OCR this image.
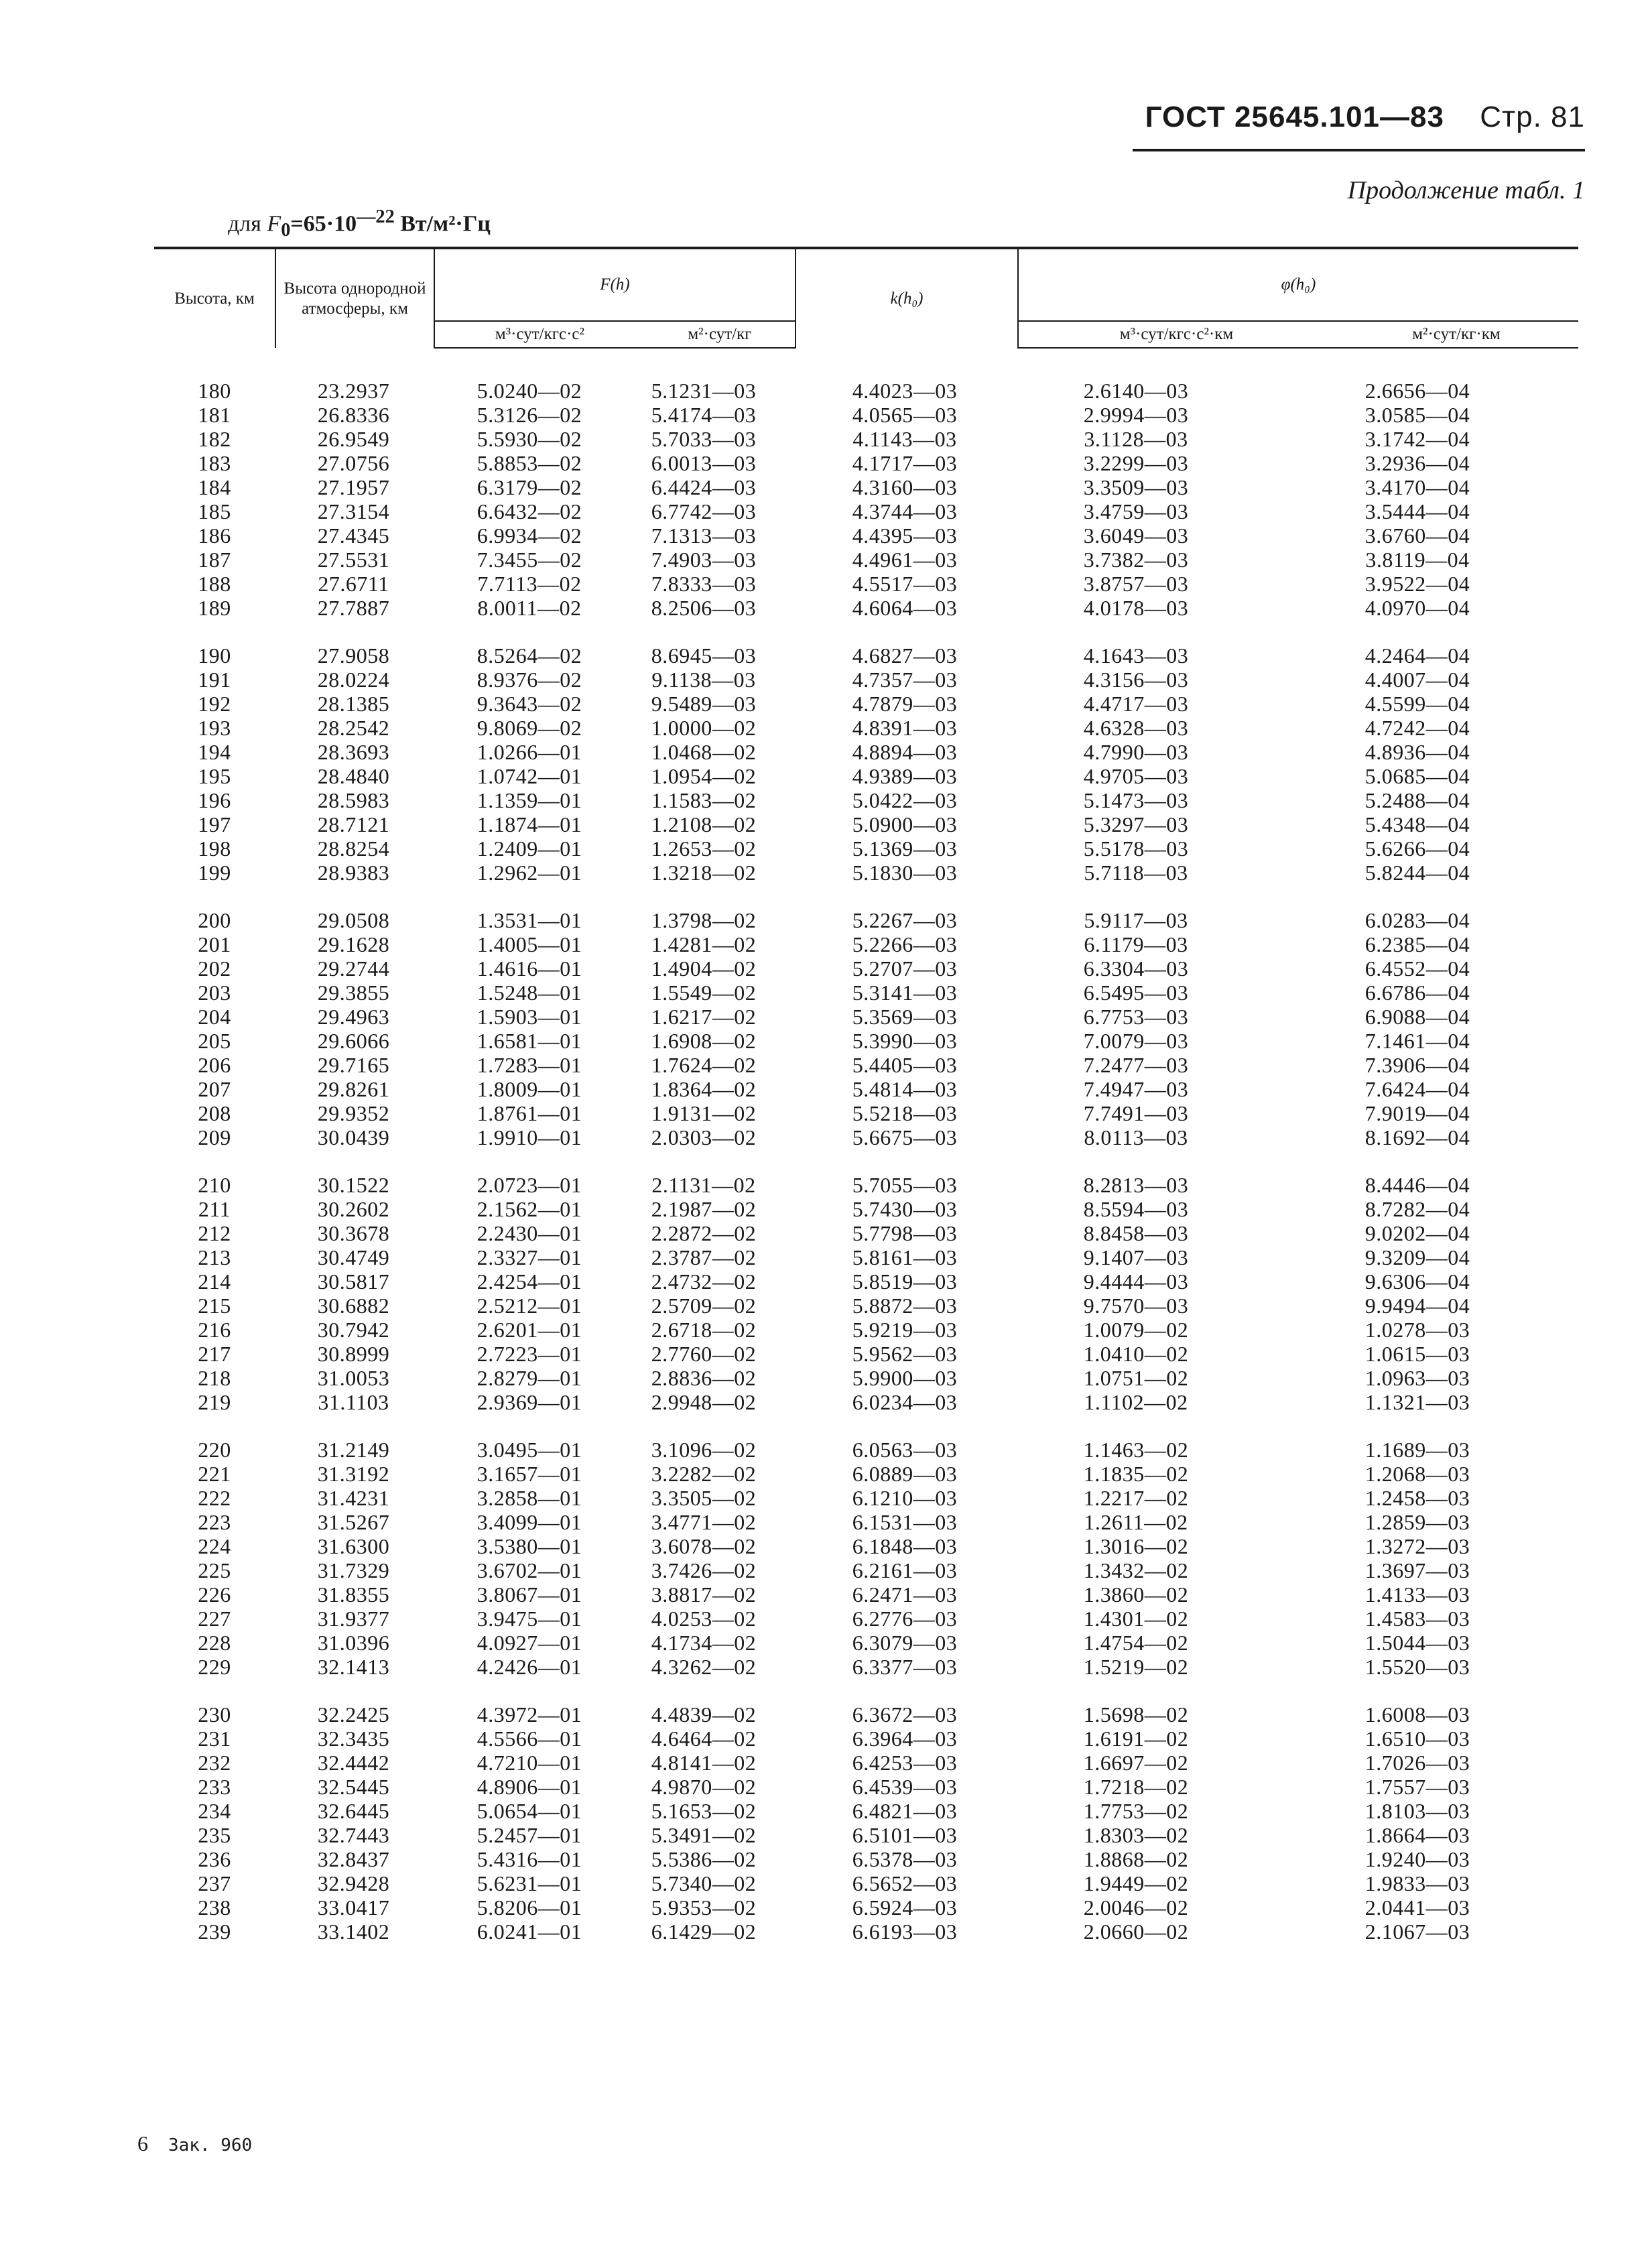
ГОСТ 25645.101—83 Стр. 81
Продолжение табл. 1
для $F_0=65\cdot 10^{—22}$ Вт/м²·Гц
Высота, км	Высота однородной атмосферы, км	F(h)		k(h₀)	φ(h₀)	
		м³·сут/кгс·с²	м²·сут/кг		м³·сут/кгс·с²·км	м²·сут/кг·км
180	23.2937	5.0240—02	5.1231—03	4.4023—03	2.6140—03	2.6656—04
181	26.8336	5.3126—02	5.4174—03	4.0565—03	2.9994—03	3.0585—04
182	26.9549	5.5930—02	5.7033—03	4.1143—03	3.1128—03	3.1742—04
183	27.0756	5.8853—02	6.0013—03	4.1717—03	3.2299—03	3.2936—04
184	27.1957	6.3179—02	6.4424—03	4.3160—03	3.3509—03	3.4170—04
185	27.3154	6.6432—02	6.7742—03	4.3744—03	3.4759—03	3.5444—04
186	27.4345	6.9934—02	7.1313—03	4.4395—03	3.6049—03	3.6760—04
187	27.5531	7.3455—02	7.4903—03	4.4961—03	3.7382—03	3.8119—04
188	27.6711	7.7113—02	7.8333—03	4.5517—03	3.8757—03	3.9522—04
189	27.7887	8.0011—02	8.2506—03	4.6064—03	4.0178—03	4.0970—04
190	27.9058	8.5264—02	8.6945—03	4.6827—03	4.1643—03	4.2464—04
191	28.0224	8.9376—02	9.1138—03	4.7357—03	4.3156—03	4.4007—04
192	28.1385	9.3643—02	9.5489—03	4.7879—03	4.4717—03	4.5599—04
193	28.2542	9.8069—02	1.0000—02	4.8391—03	4.6328—03	4.7242—04
194	28.3693	1.0266—01	1.0468—02	4.8894—03	4.7990—03	4.8936—04
195	28.4840	1.0742—01	1.0954—02	4.9389—03	4.9705—03	5.0685—04
196	28.5983	1.1359—01	1.1583—02	5.0422—03	5.1473—03	5.2488—04
197	28.7121	1.1874—01	1.2108—02	5.0900—03	5.3297—03	5.4348—04
198	28.8254	1.2409—01	1.2653—02	5.1369—03	5.5178—03	5.6266—04
199	28.9383	1.2962—01	1.3218—02	5.1830—03	5.7118—03	5.8244—04
200	29.0508	1.3531—01	1.3798—02	5.2267—03	5.9117—03	6.0283—04
201	29.1628	1.4005—01	1.4281—02	5.2266—03	6.1179—03	6.2385—04
202	29.2744	1.4616—01	1.4904—02	5.2707—03	6.3304—03	6.4552—04
203	29.3855	1.5248—01	1.5549—02	5.3141—03	6.5495—03	6.6786—04
204	29.4963	1.5903—01	1.6217—02	5.3569—03	6.7753—03	6.9088—04
205	29.6066	1.6581—01	1.6908—02	5.3990—03	7.0079—03	7.1461—04
206	29.7165	1.7283—01	1.7624—02	5.4405—03	7.2477—03	7.3906—04
207	29.8261	1.8009—01	1.8364—02	5.4814—03	7.4947—03	7.6424—04
208	29.9352	1.8761—01	1.9131—02	5.5218—03	7.7491—03	7.9019—04
209	30.0439	1.9910—01	2.0303—02	5.6675—03	8.0113—03	8.1692—04
210	30.1522	2.0723—01	2.1131—02	5.7055—03	8.2813—03	8.4446—04
211	30.2602	2.1562—01	2.1987—02	5.7430—03	8.5594—03	8.7282—04
212	30.3678	2.2430—01	2.2872—02	5.7798—03	8.8458—03	9.0202—04
213	30.4749	2.3327—01	2.3787—02	5.8161—03	9.1407—03	9.3209—04
214	30.5817	2.4254—01	2.4732—02	5.8519—03	9.4444—03	9.6306—04
215	30.6882	2.5212—01	2.5709—02	5.8872—03	9.7570—03	9.9494—04
216	30.7942	2.6201—01	2.6718—02	5.9219—03	1.0079—02	1.0278—03
217	30.8999	2.7223—01	2.7760—02	5.9562—03	1.0410—02	1.0615—03
218	31.0053	2.8279—01	2.8836—02	5.9900—03	1.0751—02	1.0963—03
219	31.1103	2.9369—01	2.9948—02	6.0234—03	1.1102—02	1.1321—03
220	31.2149	3.0495—01	3.1096—02	6.0563—03	1.1463—02	1.1689—03
221	31.3192	3.1657—01	3.2282—02	6.0889—03	1.1835—02	1.2068—03
222	31.4231	3.2858—01	3.3505—02	6.1210—03	1.2217—02	1.2458—03
223	31.5267	3.4099—01	3.4771—02	6.1531—03	1.2611—02	1.2859—03
224	31.6300	3.5380—01	3.6078—02	6.1848—03	1.3016—02	1.3272—03
225	31.7329	3.6702—01	3.7426—02	6.2161—03	1.3432—02	1.3697—03
226	31.8355	3.8067—01	3.8817—02	6.2471—03	1.3860—02	1.4133—03
227	31.9377	3.9475—01	4.0253—02	6.2776—03	1.4301—02	1.4583—03
228	31.0396	4.0927—01	4.1734—02	6.3079—03	1.4754—02	1.5044—03
229	32.1413	4.2426—01	4.3262—02	6.3377—03	1.5219—02	1.5520—03
230	32.2425	4.3972—01	4.4839—02	6.3672—03	1.5698—02	1.6008—03
231	32.3435	4.5566—01	4.6464—02	6.3964—03	1.6191—02	1.6510—03
232	32.4442	4.7210—01	4.8141—02	6.4253—03	1.6697—02	1.7026—03
233	32.5445	4.8906—01	4.9870—02	6.4539—03	1.7218—02	1.7557—03
234	32.6445	5.0654—01	5.1653—02	6.4821—03	1.7753—02	1.8103—03
235	32.7443	5.2457—01	5.3491—02	6.5101—03	1.8303—02	1.8664—03
236	32.8437	5.4316—01	5.5386—02	6.5378—03	1.8868—02	1.9240—03
237	32.9428	5.6231—01	5.7340—02	6.5652—03	1.9449—02	1.9833—03
238	33.0417	5.8206—01	5.9353—02	6.5924—03	2.0046—02	2.0441—03
239	33.1402	6.0241—01	6.1429—02	6.6193—03	2.0660—02	2.1067—03
6 Зак. 960
